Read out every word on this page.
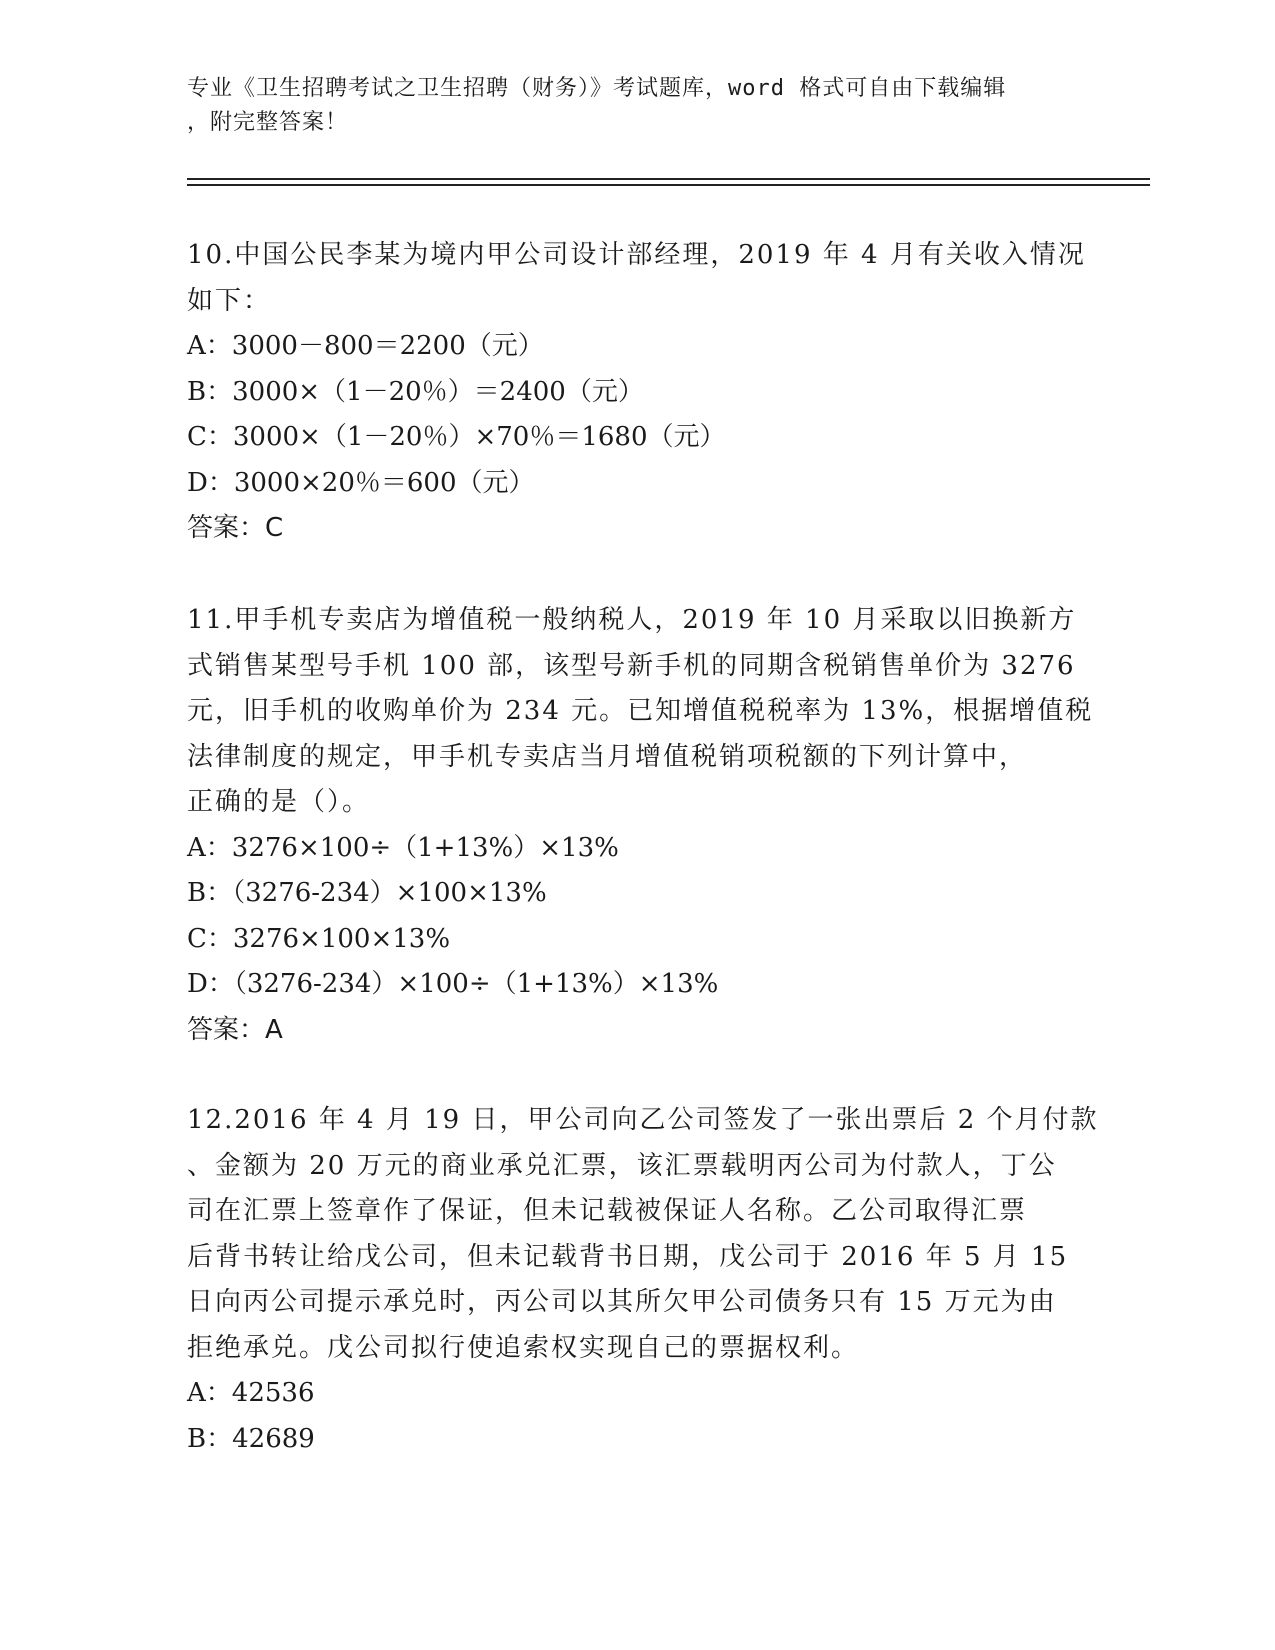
专业《卫生招聘考试之卫生招聘（财务）》考试题库，word 格式可自由下载编辑
，附完整答案！
10.中国公民李某为境内甲公司设计部经理，2019 年 4 月有关收入情况
如下：
A：3000－800＝2200（元）
B：3000×（1－20％）＝2400（元）
C：3000×（1－20％）×70％＝1680（元）
D：3000×20％＝600（元）
答案：C
11.甲手机专卖店为增值税一般纳税人，2019 年 10 月采取以旧换新方
式销售某型号手机 100 部，该型号新手机的同期含税销售单价为 3276
元，旧手机的收购单价为 234 元。已知增值税税率为 13%，根据增值税
法律制度的规定，甲手机专卖店当月增值税销项税额的下列计算中，
正确的是（）。
A：3276×100÷（1+13%）×13%
B：（3276-234）×100×13%
C：3276×100×13%
D：（3276-234）×100÷（1+13%）×13%
答案：A
12.2016 年 4 月 19 日，甲公司向乙公司签发了一张出票后 2 个月付款
、金额为 20 万元的商业承兑汇票，该汇票载明丙公司为付款人，丁公
司在汇票上签章作了保证，但未记载被保证人名称。乙公司取得汇票
后背书转让给戊公司，但未记载背书日期，戊公司于 2016 年 5 月 15
日向丙公司提示承兑时，丙公司以其所欠甲公司债务只有 15 万元为由
拒绝承兑。戊公司拟行使追索权实现自己的票据权利。
A：42536
B：42689
